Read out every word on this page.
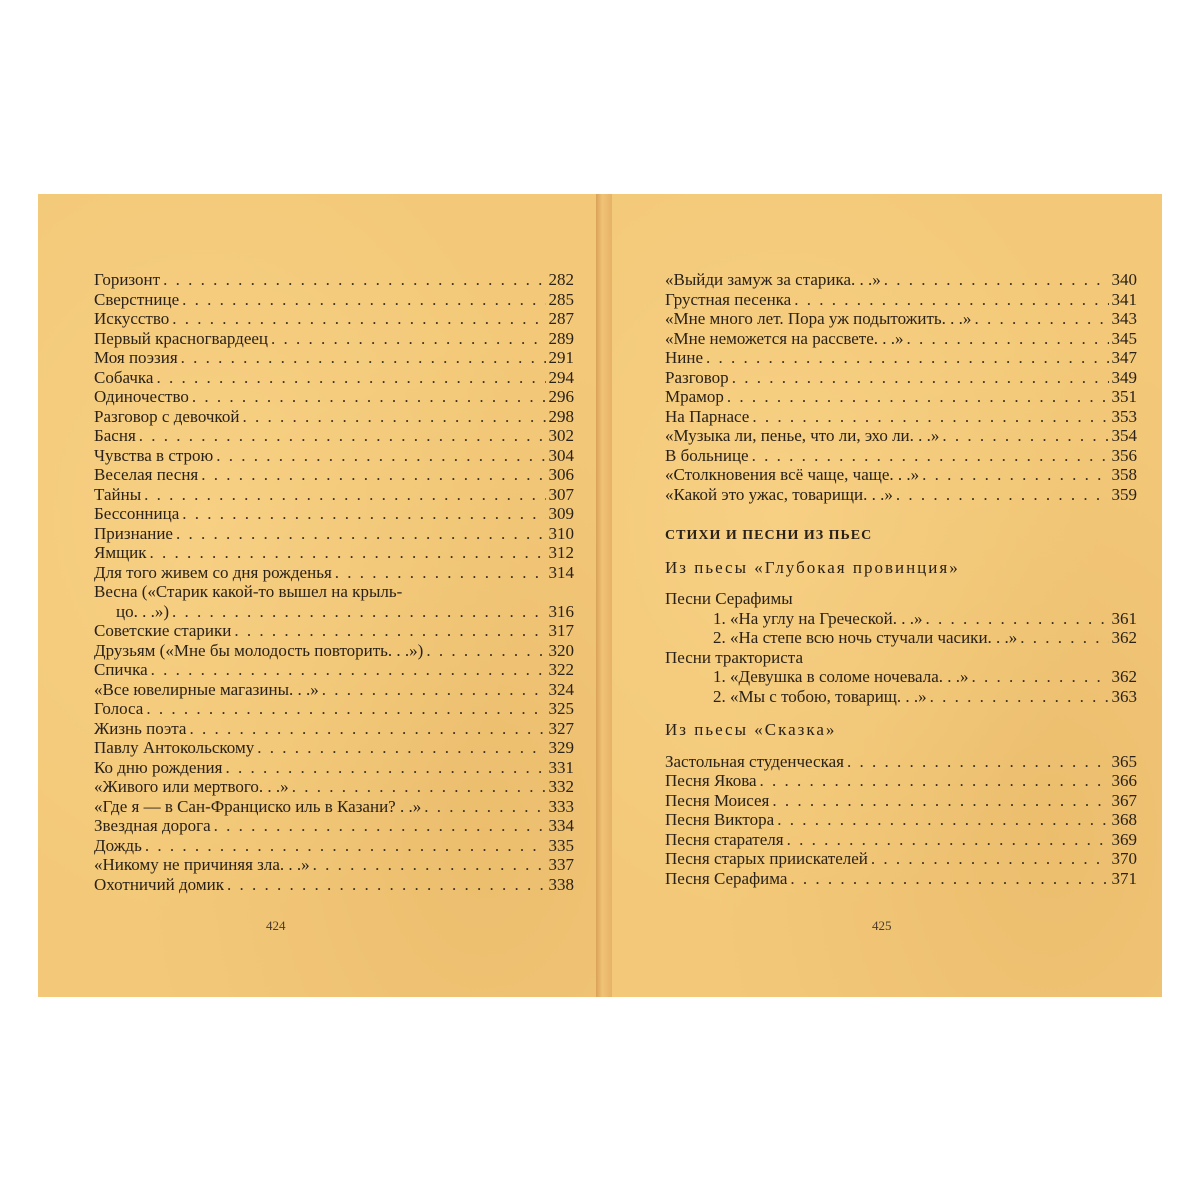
Горизонт . . .	282
Сверстнице . . .	285
Искусство . . .	287
Первый красногвардеец . . .	289
Моя поэзия . . .	291
Собачка . . .	294
Одиночество . . .	296
Разговор с девочкой . . .	298
Басня . . .	302
Чувства в строю . . .	304
Веселая песня . . .	306
Тайны . . .	307
Бессонница . . .	309
Признание . . .	310
Ямщик . . .	312
Для того живем со дня рожденья . . .	314
Весна («Старик какой-то вышел на крыль-
цо. . .») . . .	316
Советские старики . . .	317
Друзьям («Мне бы молодость повторить. . .») . . .	320
Спичка . . .	322
«Все ювелирные магазины. . .» . . .	324
Голоса . . .	325
Жизнь поэта . . .	327
Павлу Антокольскому . . .	329
Ко дню рождения . . .	331
«Живого или мертвого. . .» . . .	332
«Где я — в Сан-Франциско иль в Казани? . .» . . .	333
Звездная дорога . . .	334
Дождь . . .	335
«Никому не причиняя зла. . .» . . .	337
Охотничий домик . . .	338
424
«Выйди замуж за старика. . .» . . .	340
Грустная песенка . . .	341
«Мне много лет. Пора уж подытожить. . .» . . .	343
«Мне неможется на рассвете. . .» . . .	345
Нине . . .	347
Разговор . . .	349
Мрамор . . .	351
На Парнасе . . .	353
«Музыка ли, пенье, что ли, эхо ли. . .» . . .	354
В больнице . . .	356
«Столкновения всё чаще, чаще. . .» . . .	358
«Какой это ужас, товарищи. . .» . . .	359
СТИХИ И ПЕСНИ ИЗ ПЬЕС
Из пьесы «Глубокая провинция»
Песни Серафимы
1. «На углу на Греческой. . .» . . .	361
2. «На степе всю ночь стучали часики. . .» . . .	362
Песни тракториста
1. «Девушка в соломе ночевала. . .» . . .	362
2. «Мы с тобою, товарищ. . .» . . .	363
Из пьесы «Сказка»
Застольная студенческая . . .	365
Песня Якова . . .	366
Песня Моисея . . .	367
Песня Виктора . . .	368
Песня старателя . . .	369
Песня старых приискателей . . .	370
Песня Серафима . . .	371
425
